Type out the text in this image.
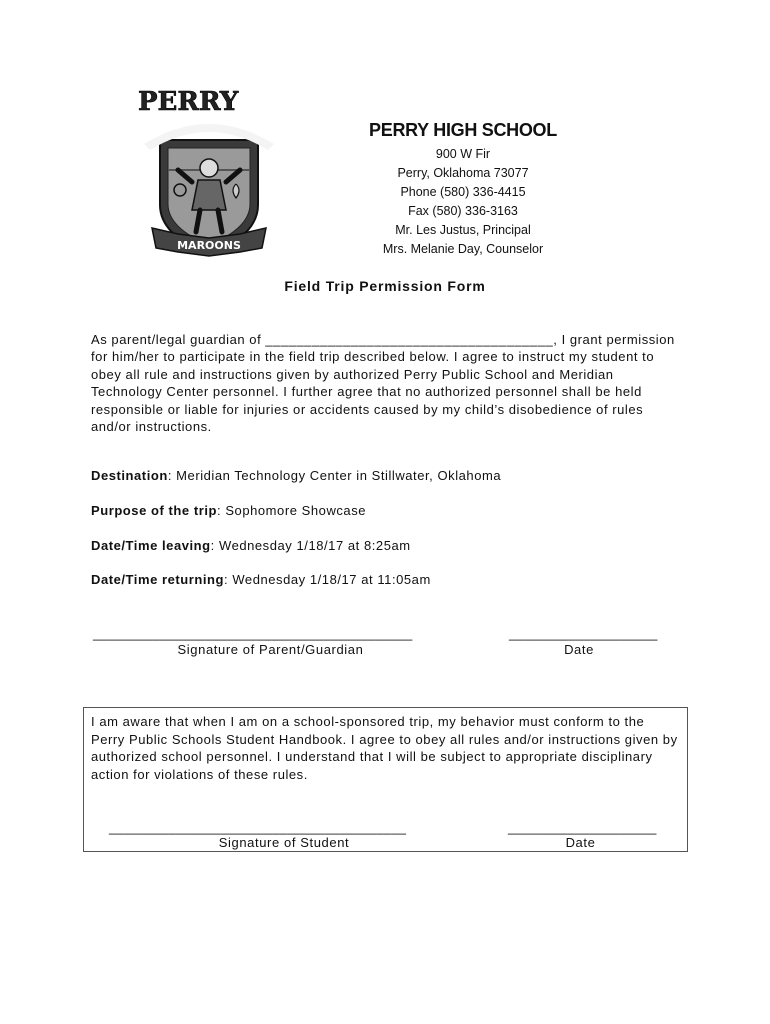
PERRY
MAROONS
PERRY HIGH SCHOOL
900 W Fir
Perry, Oklahoma 73077
Phone (580) 336-4415
Fax (580) 336-3163
Mr. Les Justus, Principal
Mrs. Melanie Day, Counselor
Field Trip Permission Form

As parent/legal guardian of _____________________________________, I grant permission for him/her to participate in the field trip described below. I agree to instruct my student to obey all rule and instructions given by authorized Perry Public School and Meridian Technology Center personnel. I further agree that no authorized personnel shall be held responsible or liable for injuries or accidents caused by my child’s disobedience of rules and/or instructions.

Destination: Meridian Technology Center in Stillwater, Oklahoma
Purpose of the trip: Sophomore Showcase
Date/Time leaving: Wednesday 1/18/17 at 8:25am
Date/Time returning: Wednesday 1/18/17 at 11:05am
___________________________________________	____________________
Signature of Parent/Guardian	Date

I am aware that when I am on a school-sponsored trip, my behavior must conform to the Perry Public Schools Student Handbook. I agree to obey all rules and/or instructions given by authorized school personnel. I understand that I will be subject to appropriate disciplinary action for violations of these rules.

________________________________________	____________________
Signature of Student	Date
